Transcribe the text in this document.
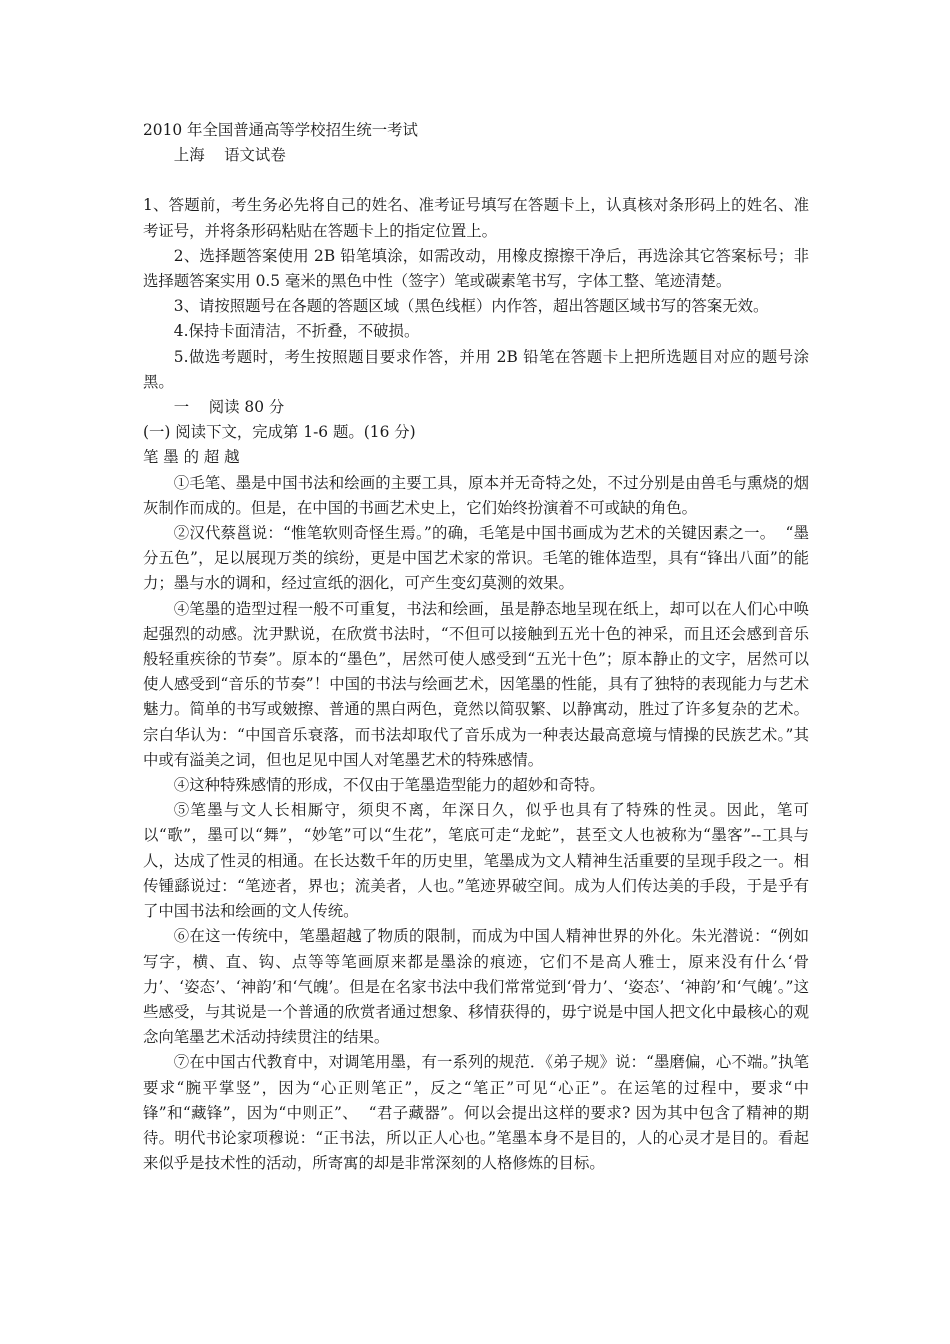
2010 年全国普通高等学校招生统一考试
上海    语文试卷
1、答题前，考生务必先将自己的姓名、准考证号填写在答题卡上，认真核对条形码上的姓名、准考证号，并将条形码粘贴在答题卡上的指定位置上。
2、选择题答案使用 2B 铅笔填涂，如需改动，用橡皮擦擦干净后，再选涂其它答案标号；非选择题答案实用 0.5 毫米的黑色中性（签字）笔或碳素笔书写，字体工整、笔迹清楚。
3、请按照题号在各题的答题区域（黑色线框）内作答，超出答题区域书写的答案无效。
4.保持卡面清洁，不折叠，不破损。
5.做选考题时，考生按照题目要求作答，并用 2B 铅笔在答题卡上把所选题目对应的题号涂黑。
一    阅读 80 分
(一) 阅读下文，完成第 1-6 题。(16 分)
笔 墨 的 超 越
①毛笔、墨是中国书法和绘画的主要工具，原本并无奇特之处，不过分别是由兽毛与熏烧的烟灰制作而成的。但是，在中国的书画艺术史上，它们始终扮演着不可或缺的角色。
②汉代蔡邕说：“惟笔软则奇怪生焉。”的确，毛笔是中国书画成为艺术的关键因素之一。  “墨分五色”，足以展现万类的缤纷，更是中国艺术家的常识。毛笔的锥体造型，具有“锋出八面”的能力；墨与水的调和，经过宣纸的洇化，可产生变幻莫测的效果。
④笔墨的造型过程一般不可重复，书法和绘画，虽是静态地呈现在纸上，却可以在人们心中唤起强烈的动感。沈尹默说，在欣赏书法时，“不但可以接触到五光十色的神采，而且还会感到音乐般轻重疾徐的节奏”。原本的“墨色”，居然可使人感受到“五光十色”；原本静止的文字，居然可以使人感受到“音乐的节奏”！中国的书法与绘画艺术，因笔墨的性能，具有了独特的表现能力与艺术魅力。简单的书写或皴擦、普通的黑白两色，竟然以简驭繁、以静寓动，胜过了许多复杂的艺术。宗白华认为：“中国音乐衰落，而书法却取代了音乐成为一种表达最高意境与情操的民族艺术。”其中或有溢美之词，但也足见中国人对笔墨艺术的特殊感情。
④这种特殊感情的形成，不仅由于笔墨造型能力的超妙和奇特。
⑤笔墨与文人长相厮守，须臾不离，年深日久，似乎也具有了特殊的性灵。因此，笔可以“歌”，墨可以“舞”，“妙笔”可以“生花”，笔底可走“龙蛇”，甚至文人也被称为“墨客”--工具与人，达成了性灵的相通。在长达数千年的历史里，笔墨成为文人精神生活重要的呈现手段之一。相传锺繇说过：“笔迹者，界也；流美者，人也。”笔迹界破空间。成为人们传达美的手段，于是乎有了中国书法和绘画的文人传统。
⑥在这一传统中，笔墨超越了物质的限制，而成为中国人精神世界的外化。朱光潜说：“例如写字，横、直、钩、点等等笔画原来都是墨涂的痕迹，它们不是高人雅士，原来没有什么‘骨力’、‘姿态’、‘神韵’和‘气魄’。但是在名家书法中我们常常觉到‘骨力’、‘姿态’、‘神韵’和‘气魄’。”这些感受，与其说是一个普通的欣赏者通过想象、移情获得的，毋宁说是中国人把文化中最核心的观念向笔墨艺术活动持续贯注的结果。
⑦在中国古代教育中，对调笔用墨，有一系列的规范．《弟子规》说：“墨磨偏，心不端。”执笔要求“腕平掌竖”，因为“心正则笔正”，反之“笔正”可见“心正”。在运笔的过程中，要求“中锋”和“藏锋”，因为“中则正”、  “君子藏器”。何以会提出这样的要求? 因为其中包含了精神的期待。明代书论家项穆说：“正书法，所以正人心也。”笔墨本身不是目的，人的心灵才是目的。看起来似乎是技术性的活动，所寄寓的却是非常深刻的人格修炼的目标。
